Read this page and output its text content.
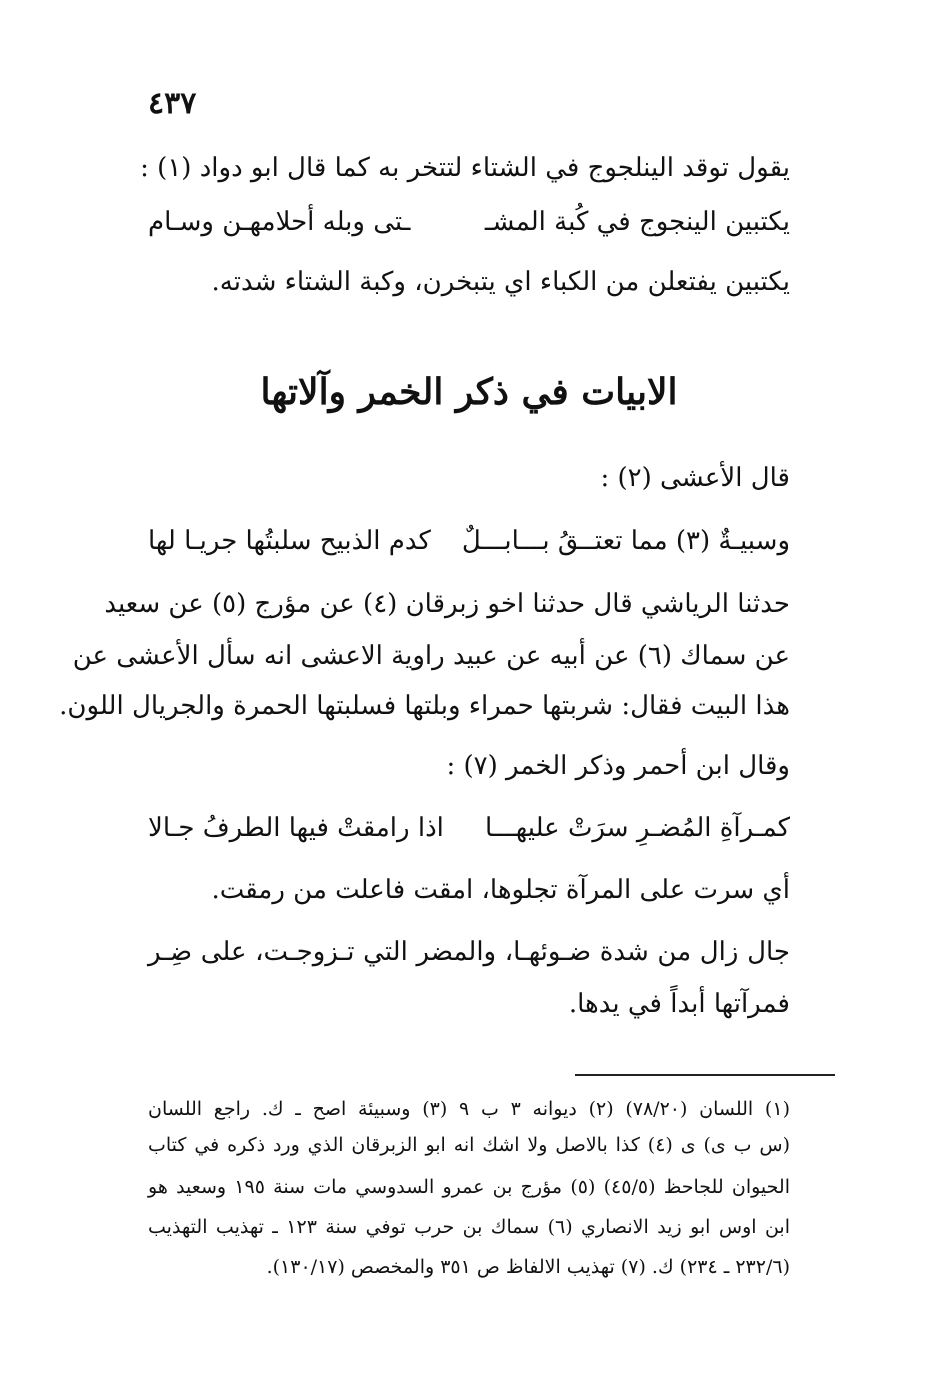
٤٣٧
يقول توقد الينلجوج في الشتاء لتتخر به كما قال ابو دواد (١) :
يكتبين الينجوج في كُبة المشـ
ـتى وبله أحلامهـن وسـام
يكتبين يفتعلن من الكباء اي يتبخرن، وكبة الشتاء شدته.
الابيات في ذكر الخمر وآلاتها
قال الأعشى (٢) :
وسبيـةٌ (٣) مما تعتــقُ بـــابـــلٌ
كدم الذبيح سلبتُها جريـا لها
حدثنا الرياشي قال حدثنا اخو زبرقان (٤) عن مؤرج (٥) عن سعيد
عن سماك (٦) عن أبيه عن عبيد راوية الاعشى انه سأل الأعشى عن
هذا البيت فقال: شربتها حمراء وبلتها فسلبتها الحمرة والجريال اللون.
وقال ابن أحمر وذكر الخمر (٧) :
كمـرآةِ المُضـرِ سرَتْ عليهـــا
اذا رامقتْ فيها الطرفُ جـالا
أي سرت على المرآة تجلوها، امقت فاعلت من رمقت.
جال زال من شدة ضـوئهـا، والمضر التي تـزوجـت، على ضِـر
فمرآتها أبداً في يدها.
(١) اللسان (٧٨/٢٠) (٢) ديوانه ٣ ب ٩ (٣) وسبيئة اصح ـ ك. راجع اللسان
(س ب ى) ى (٤) كذا بالاصل ولا اشك انه ابو الزبرقان الذي ورد ذكره في كتاب
الحيوان للجاحظ (٤٥/٥) (٥) مؤرج بن عمرو السدوسي مات سنة ١٩٥ وسعيد هو
ابن اوس ابو زيد الانصاري (٦) سماك بن حرب توفي سنة ١٢٣ ـ تهذيب التهذيب
(٢٣٢/٦ ـ ٢٣٤) ك. (٧) تهذيب الالفاظ ص ٣٥١ والمخصص (١٣٠/١٧).
